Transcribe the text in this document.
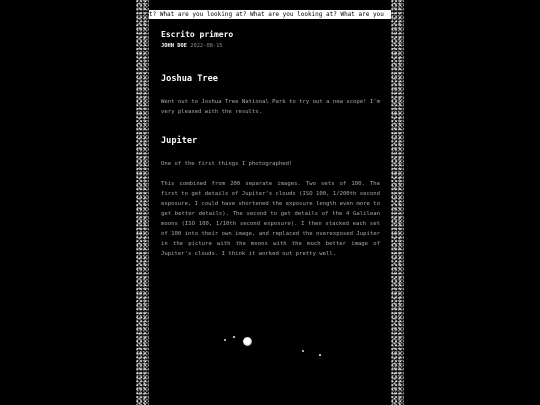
t? What are you looking at? What are you looking at? What are you
Escrito primero
JOHN DOE 2022-08-15
Joshua Tree

Went out to Joshua Tree National Park to try out a new scope! I'm very pleased with the results.

Jupiter

One of the first things I photographed!

This combined from 200 separate images. Two sets of 100. The first to get details of Jupiter's clouds (ISO 100, 1/200th second exposure, I could have shortened the exposure length even more to get better details). The second to get details of the 4 Galilean moons (ISO 100, 1/10th second exposure). I then stacked each set of 100 into their own image, and replaced the overexposed Jupiter in the picture with the moons with the much better image of Jupiter's clouds. I think it worked out pretty well.
